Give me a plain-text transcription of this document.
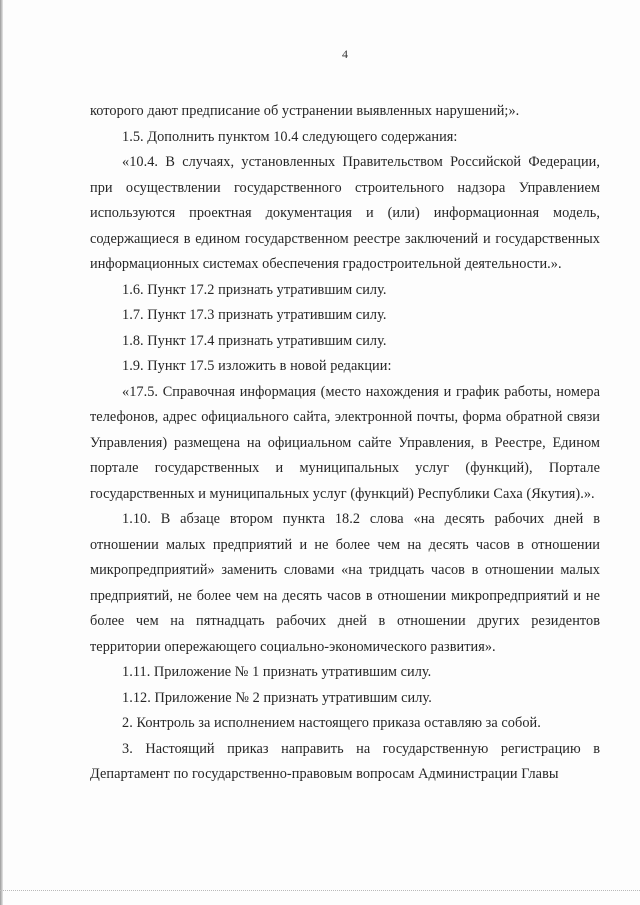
4

которого дают предписание об устранении выявленных нарушений;».

1.5. Дополнить пунктом 10.4 следующего содержания:

«10.4. В случаях, установленных Правительством Российской Федерации, при осуществлении государственного строительного надзора Управлением используются проектная документация и (или) информационная модель, содержащиеся в едином государственном реестре заключений и государственных информационных системах обеспечения градостроительной деятельности.».

1.6. Пункт 17.2 признать утратившим силу.

1.7. Пункт 17.3 признать утратившим силу.

1.8. Пункт 17.4 признать утратившим силу.

1.9. Пункт 17.5 изложить в новой редакции:

«17.5. Справочная информация (место нахождения и график работы, номера телефонов, адрес официального сайта, электронной почты, форма обратной связи Управления) размещена на официальном сайте Управления, в Реестре, Едином портале государственных и муниципальных услуг (функций), Портале государственных и муниципальных услуг (функций) Республики Саха (Якутия).».

1.10. В абзаце втором пункта 18.2 слова «на десять рабочих дней в отношении малых предприятий и не более чем на десять часов в отношении микропредприятий» заменить словами «на тридцать часов в отношении малых предприятий, не более чем на десять часов в отношении микропредприятий и не более чем на пятнадцать рабочих дней в отношении других резидентов территории опережающего социально-экономического развития».

1.11. Приложение № 1 признать утратившим силу.

1.12. Приложение № 2 признать утратившим силу.

2. Контроль за исполнением настоящего приказа оставляю за собой.

3. Настоящий приказ направить на государственную регистрацию в Департамент по государственно-правовым вопросам Администрации Главы
